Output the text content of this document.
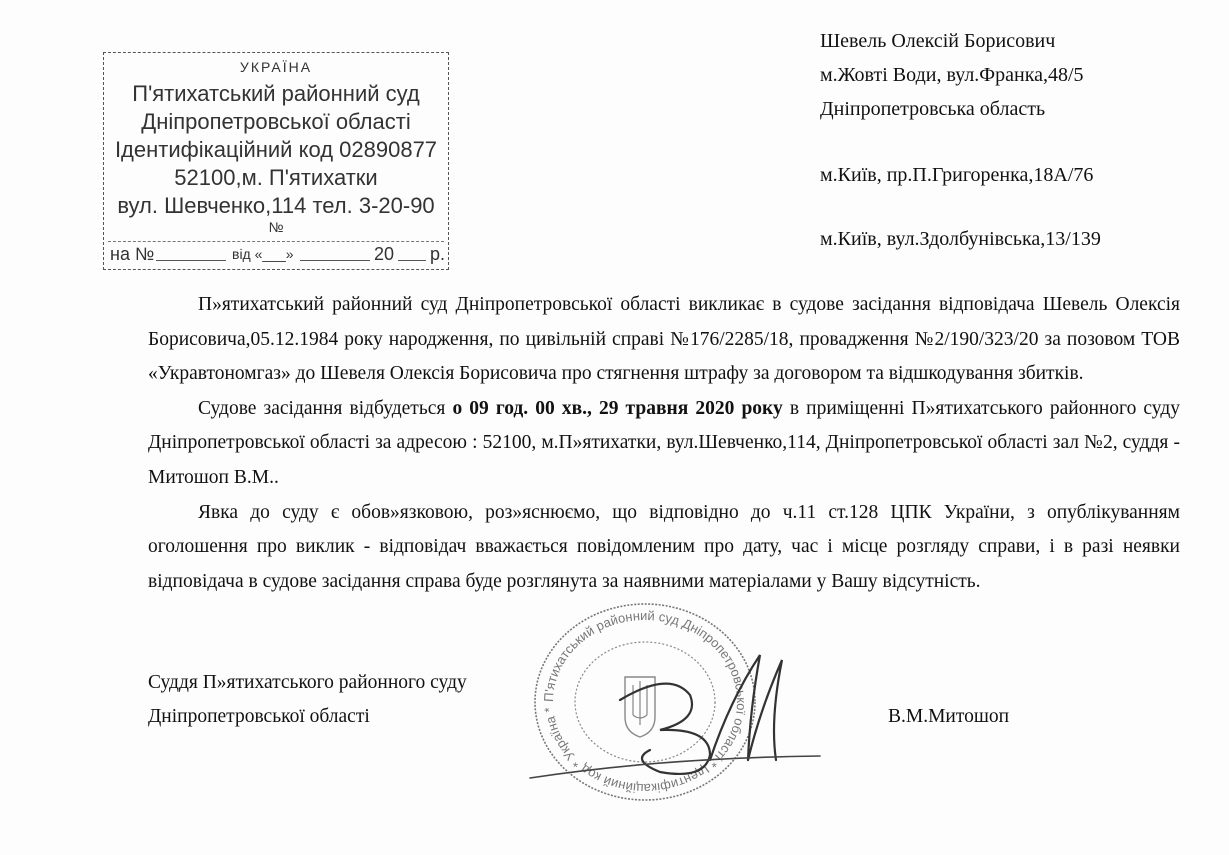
УКРАЇНА
П'ятихатський районний суд
Дніпропетровської області
Ідентифікаційний код 02890877
52100,м. П'ятихатки
вул. Шевченко,114 тел. 3-20-90
№
на №	від «___»	20 р.
Шевель Олексій Борисович
м.Жовті Води, вул.Франка,48/5
Дніпропетровська область
м.Київ, пр.П.Григоренка,18А/76
м.Київ, вул.Здолбунівська,13/139

П»ятихатський районний суд Дніпропетровської області викликає в судове засідання відповідача Шевель Олексія Борисовича,05.12.1984 року народження, по цивільній справі №176/2285/18, провадження №2/190/323/20 за позовом ТОВ «Укравтономгаз» до Шевеля Олексія Борисовича про стягнення штрафу за договором та відшкодування збитків.

Судове засідання відбудеться о 09 год. 00 хв., 29 травня 2020 року в приміщенні П»ятихатського районного суду Дніпропетровської області за адресою : 52100, м.П»ятихатки, вул.Шевченко,114, Дніпропетровської області зал №2, суддя - Митошоп В.М..

Явка до суду є обов»язковою, роз»яснюємо, що відповідно до ч.11 ст.128 ЦПК України, з опублікуванням оголошення про виклик - відповідач вважається повідомленим про дату, час і місце розгляду справи, і в разі неявки відповідача в судове засідання справа буде розглянута за наявними матеріалами у Вашу відсутність.

П'ятихатський районний суд Дніпропетровської області * Ідентифікаційний код * Україна *
Суддя П»ятихатського районного суду
Дніпропетровської області	В.М.Митошоп
